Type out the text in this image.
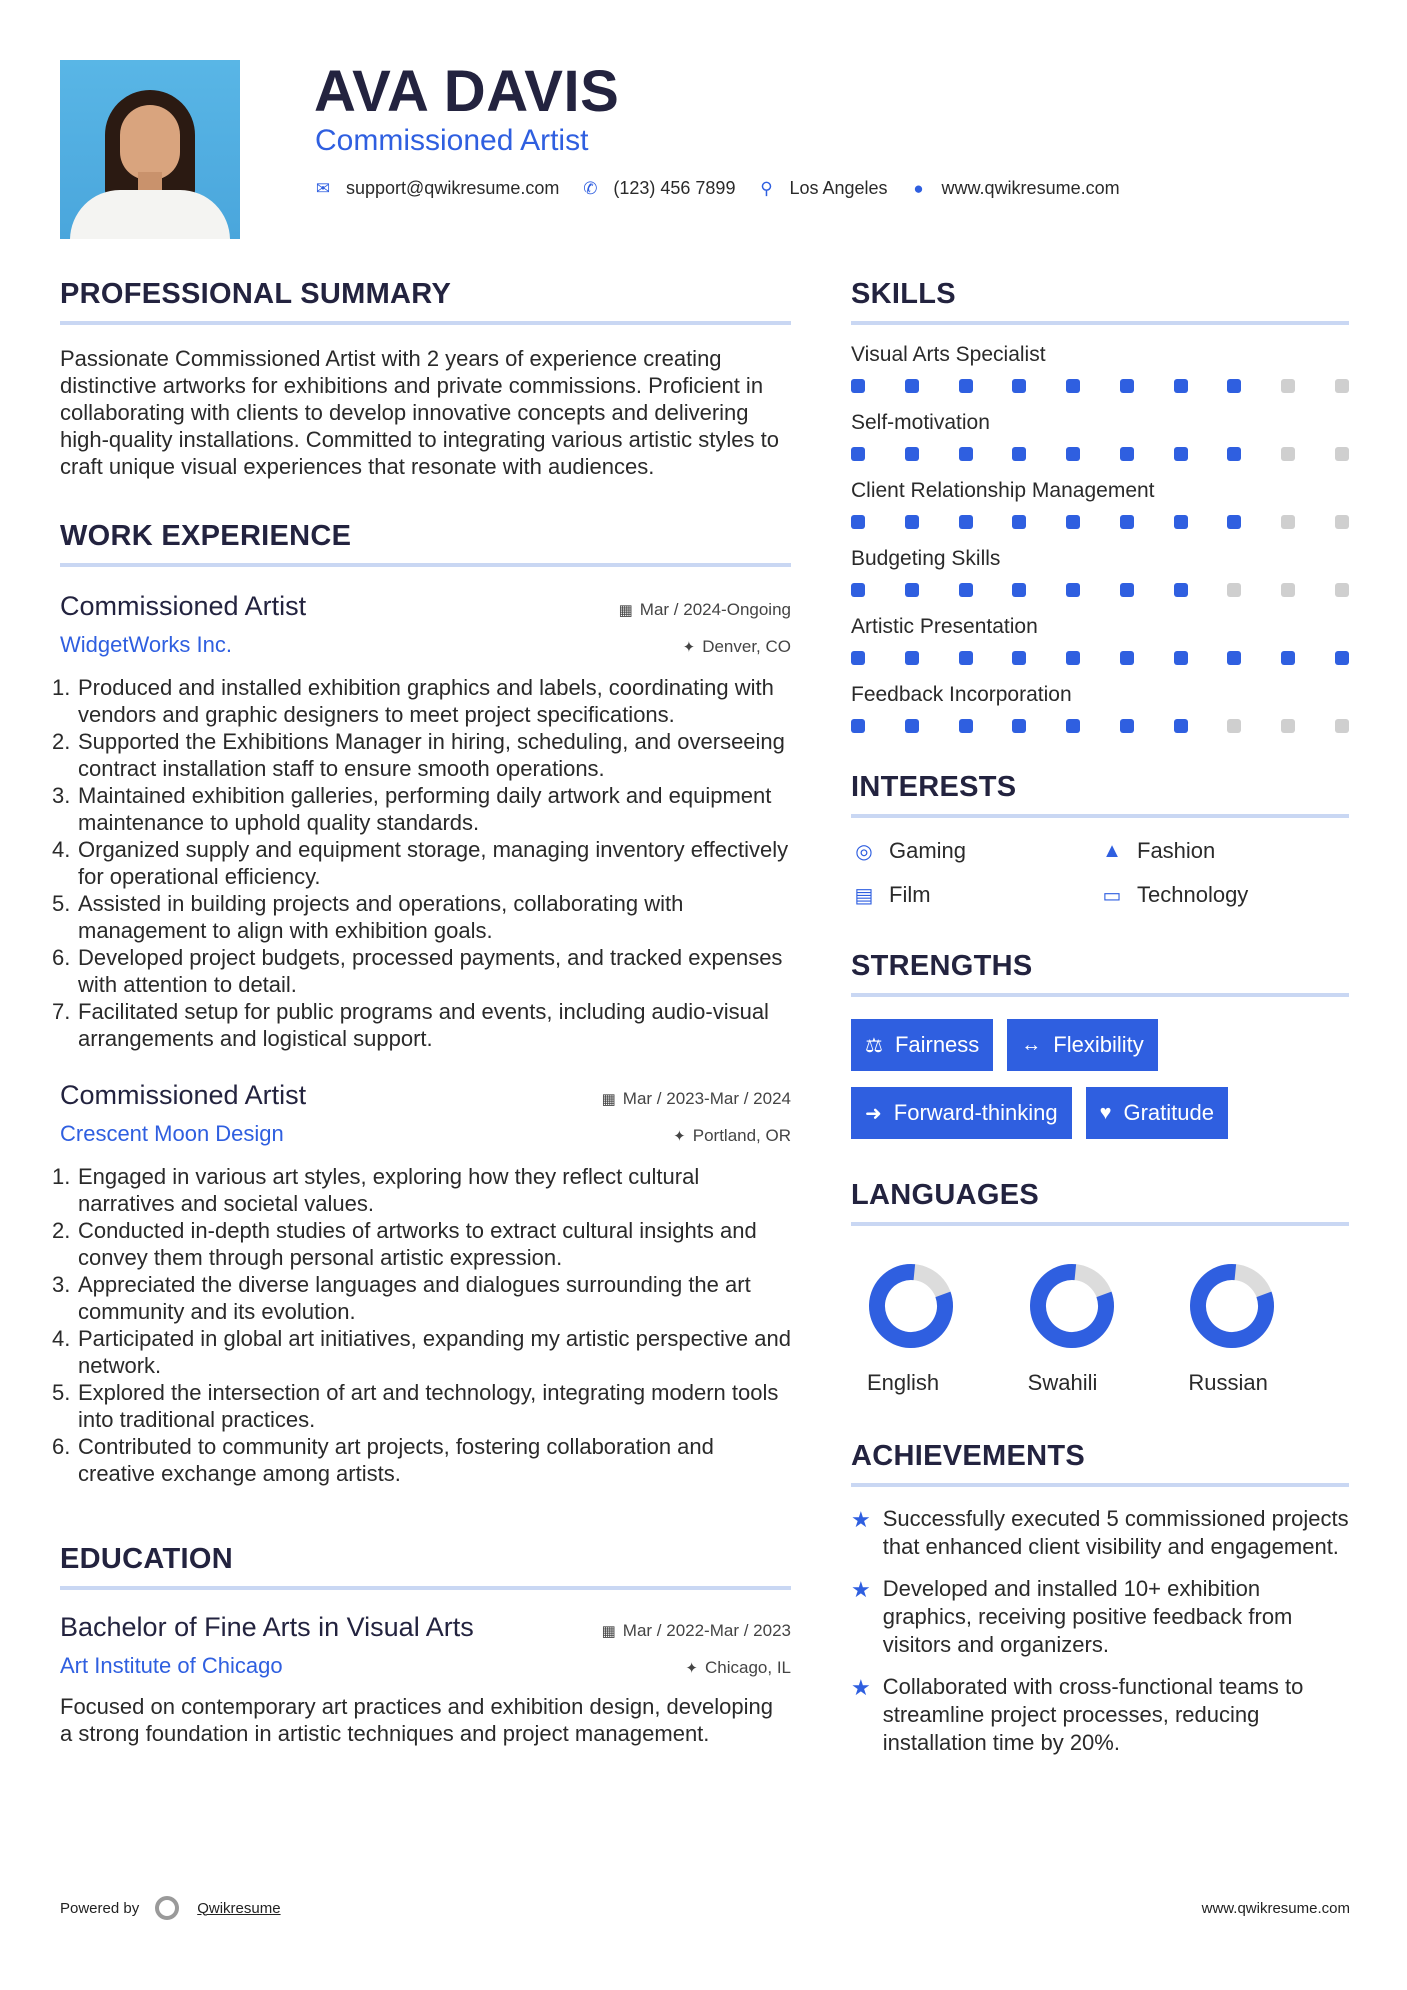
AVA DAVIS
Commissioned Artist
✉ support@qwikresume.com ✆ (123) 456 7899 ⚲ Los Angeles ● www.qwikresume.com
PROFESSIONAL SUMMARY

Passionate Commissioned Artist with 2 years of experience creating distinctive artworks for exhibitions and private commissions. Proficient in collaborating with clients to develop innovative concepts and delivering high-quality installations. Committed to integrating various artistic styles to craft unique visual experiences that resonate with audiences.

WORK EXPERIENCE
Commissioned Artist	▦ Mar / 2024-Ongoing
WidgetWorks Inc.	✦ Denver, CO
1. Produced and installed exhibition graphics and labels, coordinating with vendors and graphic designers to meet project specifications.
2. Supported the Exhibitions Manager in hiring, scheduling, and overseeing contract installation staff to ensure smooth operations.
3. Maintained exhibition galleries, performing daily artwork and equipment maintenance to uphold quality standards.
4. Organized supply and equipment storage, managing inventory effectively for operational efficiency.
5. Assisted in building projects and operations, collaborating with management to align with exhibition goals.
6. Developed project budgets, processed payments, and tracked expenses with attention to detail.
7. Facilitated setup for public programs and events, including audio-visual arrangements and logistical support.
Commissioned Artist	▦ Mar / 2023-Mar / 2024
Crescent Moon Design	✦ Portland, OR
1. Engaged in various art styles, exploring how they reflect cultural narratives and societal values.
2. Conducted in-depth studies of artworks to extract cultural insights and convey them through personal artistic expression.
3. Appreciated the diverse languages and dialogues surrounding the art community and its evolution.
4. Participated in global art initiatives, expanding my artistic perspective and network.
5. Explored the intersection of art and technology, integrating modern tools into traditional practices.
6. Contributed to community art projects, fostering collaboration and creative exchange among artists.
EDUCATION
Bachelor of Fine Arts in Visual Arts	▦ Mar / 2022-Mar / 2023
Art Institute of Chicago	✦ Chicago, IL

Focused on contemporary art practices and exhibition design, developing a strong foundation in artistic techniques and project management.

SKILLS
Visual Arts Specialist
Self-motivation
Client Relationship Management
Budgeting Skills
Artistic Presentation
Feedback Incorporation
INTERESTS
◎ Gaming	▲ Fashion
▤ Film	▭ Technology
STRENGTHS
⚖ Fairness ↔ Flexibility
➜ Forward-thinking ♥ Gratitude
LANGUAGES
English	Swahili	Russian
ACHIEVEMENTS
★ Successfully executed 5 commissioned projects that enhanced client visibility and engagement.
★ Developed and installed 10+ exhibition graphics, receiving positive feedback from visitors and organizers.
★ Collaborated with cross-functional teams to streamline project processes, reducing installation time by 20%.
Powered by	Qwikresume	www.qwikresume.com
